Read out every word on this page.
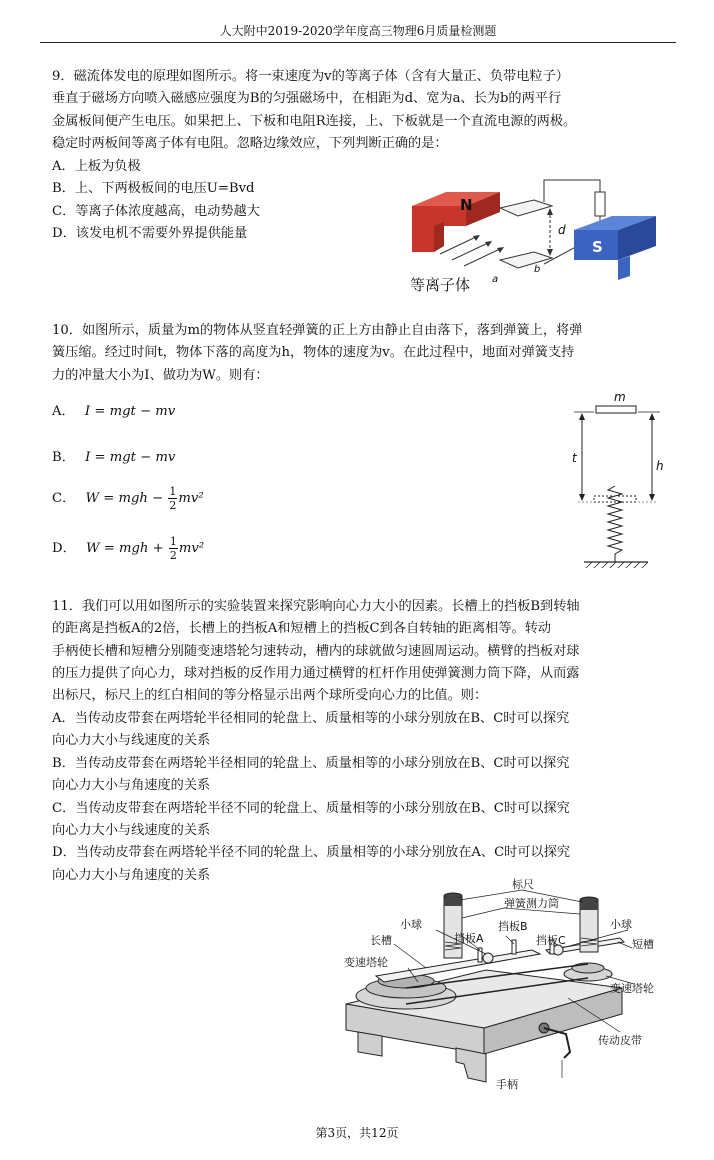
人大附中2019-2020学年度高三物理6月质量检测题

9．磁流体发电的原理如图所示。将一束速度为v的等离子体（含有大量正、负带电粒子）

垂直于磁场方向喷入磁感应强度为B的匀强磁场中，在相距为d、宽为a、长为b的两平行

金属板间便产生电压。如果把上、下板和电阻R连接，上、下板就是一个直流电源的两极。

稳定时两板间等离子体有电阻。忽略边缘效应，下列判断正确的是：

A．上板为负极
B．上、下两极板间的电压U=Bvd
C．等离子体浓度越高，电动势越大
D．该发电机不需要外界提供能量
N
d
b
a
S
等离子体

10．如图所示，质量为m的物体从竖直轻弹簧的正上方由静止自由落下，落到弹簧上，将弹

簧压缩。经过时间t，物体下落的高度为h，物体的速度为v。在此过程中，地面对弹簧支持

力的冲量大小为I、做功为W。则有：

A． I = mgt − mv
B． I = mgt − mv
C． W = mgh − $\frac{1}{2} mv^2$
D． W = mgh + $\frac{1}{2} mv^2$
m
t
h

11．我们可以用如图所示的实验装置来探究影响向心力大小的因素。长槽上的挡板B到转轴

的距离是挡板A的2倍，长槽上的挡板A和短槽上的挡板C到各自转轴的距离相等。转动

手柄使长槽和短槽分别随变速塔轮匀速转动，槽内的球就做匀速圆周运动。横臂的挡板对球

的压力提供了向心力，球对挡板的反作用力通过横臂的杠杆作用使弹簧测力筒下降，从而露

出标尺，标尺上的红白相间的等分格显示出两个球所受向心力的比值。则：

A．当传动皮带套在两塔轮半径相同的轮盘上、质量相等的小球分别放在B、C时可以探究
向心力大小与线速度的关系
B．当传动皮带套在两塔轮半径相同的轮盘上、质量相等的小球分别放在B、C时可以探究
向心力大小与角速度的关系
C．当传动皮带套在两塔轮半径不同的轮盘上、质量相等的小球分别放在B、C时可以探究
向心力大小与线速度的关系
D．当传动皮带套在两塔轮半径不同的轮盘上、质量相等的小球分别放在A、C时可以探究
向心力大小与角速度的关系
标尺
弹簧测力筒
小球	小球
挡板A
挡板B
挡板C
长槽	短槽
变速塔轮
变速塔轮
传动皮带
手柄
第3页，共12页
